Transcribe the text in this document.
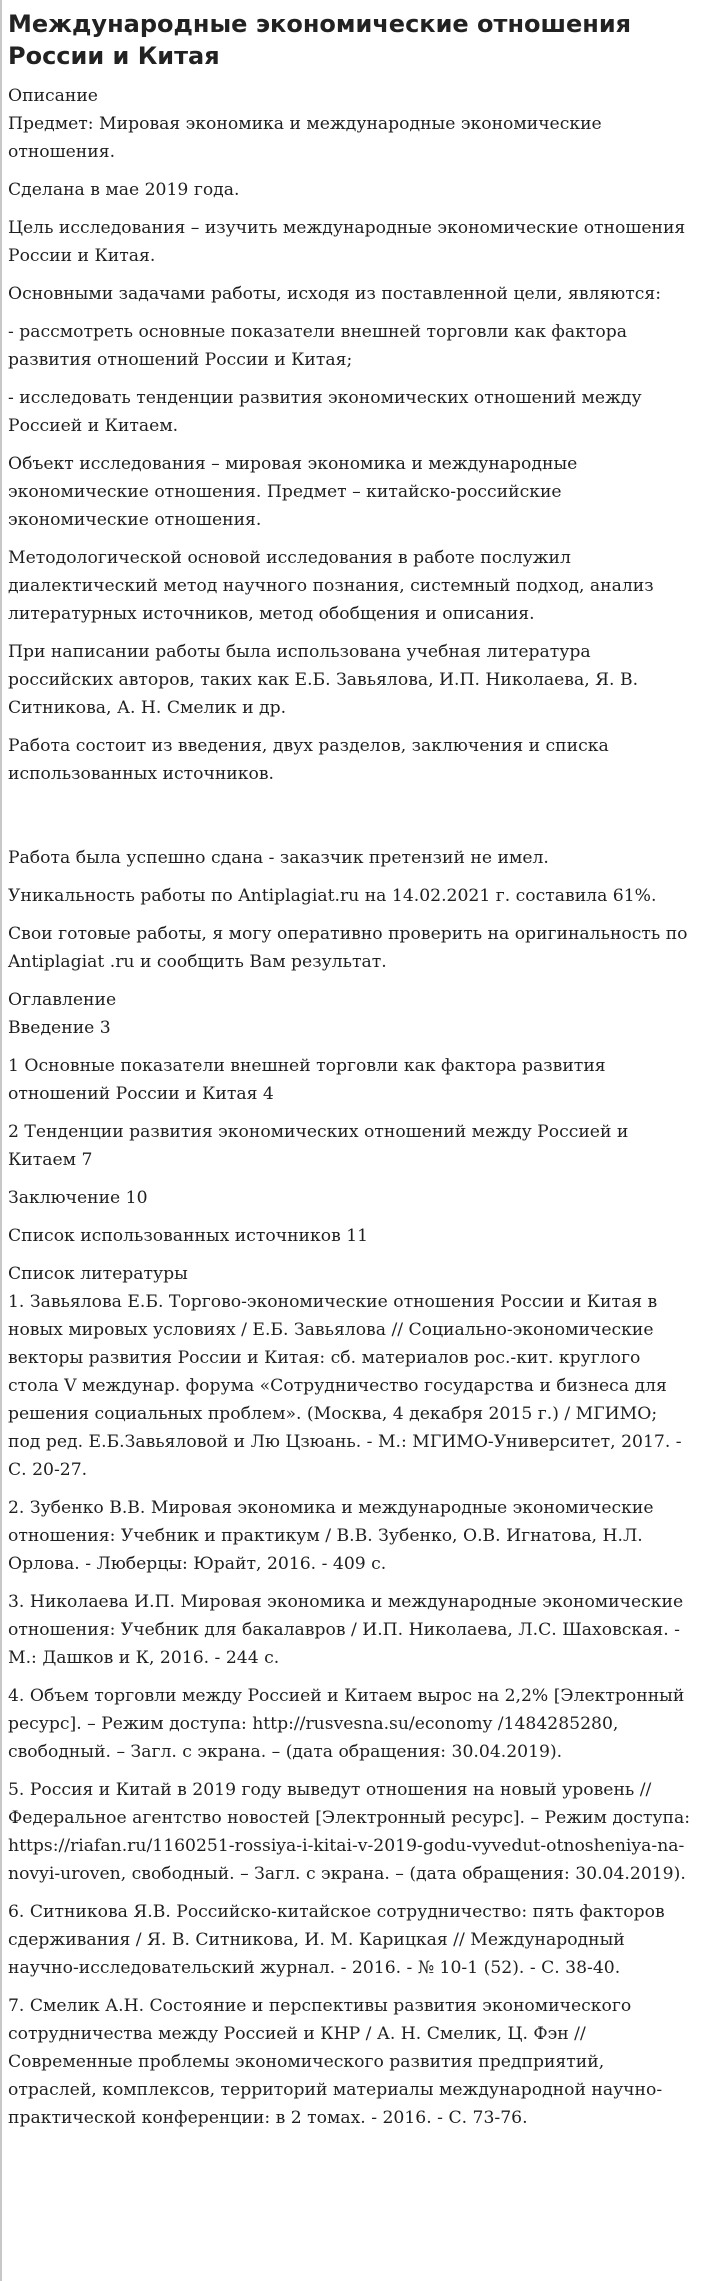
Международные экономические отношения России и Китая
Описание

Предмет: Мировая экономика и международные экономические отношения.

Сделана в мае 2019 года.

Цель исследования – изучить международные экономические отношения России и Китая.

Основными задачами работы, исходя из поставленной цели, являются:

- рассмотреть основные показатели внешней торговли как фактора развития отношений России и Китая;

- исследовать тенденции развития экономических отношений между Россией и Китаем.

Объект исследования – мировая экономика и международные экономические отношения. Предмет – китайско-российские экономические отношения.

Методологической основой исследования в работе послужил диалектический метод научного познания, системный подход, анализ литературных источников, метод обобщения и описания.

При написании работы была использована учебная литература российских авторов, таких как Е.Б. Завьялова, И.П. Николаева, Я. В. Ситникова, А. Н. Смелик и др.

Работа состоит из введения, двух разделов, заключения и списка использованных источников.

Работа была успешно сдана - заказчик претензий не имел.

Уникальность работы по Antiplagiat.ru на 14.02.2021 г. составила 61%.

Свои готовые работы, я могу оперативно проверить на оригинальность по Antiplagiat .ru и сообщить Вам результат.

Оглавление

Введение 3

1 Основные показатели внешней торговли как фактора развития отношений России и Китая 4

2 Тенденции развития экономических отношений между Россией и Китаем 7

Заключение 10

Список использованных источников 11

Список литературы

1. Завьялова Е.Б. Торгово-экономические отношения России и Китая в новых мировых условиях / Е.Б. Завьялова // Социально-экономические векторы развития России и Китая: сб. материалов рос.-кит. круглого стола V междунар. форума «Сотрудничество государства и бизнеса для решения социальных проблем». (Москва, 4 декабря 2015 г.) / МГИМО; под ред. Е.Б.Завьяловой и Лю Цзюань. - М.: МГИМО-Университет, 2017. - С. 20-27.

2. Зубенко В.В. Мировая экономика и международные экономические отношения: Учебник и практикум / В.В. Зубенко, О.В. Игнатова, Н.Л. Орлова. - Люберцы: Юрайт, 2016. - 409 с.

3. Николаева И.П. Мировая экономика и международные экономические отношения: Учебник для бакалавров / И.П. Николаева, Л.С. Шаховская. - М.: Дашков и К, 2016. - 244 с.

4. Объем торговли между Россией и Китаем вырос на 2,2% [Электронный ресурс]. – Режим доступа: http://rusvesna.su/economy /1484285280, свободный. – Загл. с экрана. – (дата обращения: 30.04.2019).

5. Россия и Китай в 2019 году выведут отношения на новый уровень // Федеральное агентство новостей [Электронный ресурс]. – Режим доступа: https://riafan.ru/1160251-rossiya-i-kitai-v-2019-godu-vyvedut-otnosheniya-na-novyi-uroven, свободный. – Загл. с экрана. – (дата обращения: 30.04.2019).

6. Ситникова Я.В. Российско-китайское сотрудничество: пять факторов сдерживания / Я. В. Ситникова, И. М. Карицкая // Международный научно-исследовательский журнал. - 2016. - № 10-1 (52). - С. 38-40.

7. Смелик А.Н. Состояние и перспективы развития экономического сотрудничества между Россией и КНР / А. Н. Смелик, Ц. Фэн // Современные проблемы экономического развития предприятий, отраслей, комплексов, территорий материалы международной научно-практической конференции: в 2 томах. - 2016. - С. 73-76.
